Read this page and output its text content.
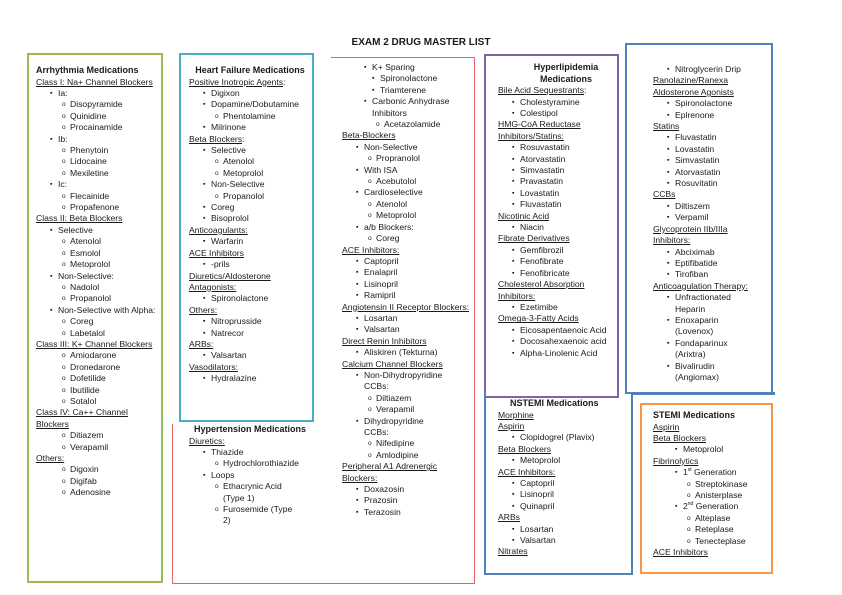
EXAM 2 DRUG MASTER LIST
Arrhythmia Medications
Class I: Na+ Channel Blockers
▪ Ia:
o Disopyramide
o Quinidine
o Procainamide
▪ Ib:
o Phenytoin
o Lidocaine
o Mexiletine
▪ Ic:
o Flecainide
o Propafenone
Class II: Beta Blockers
▪ Selective
o Atenolol
o Esmolol
o Metoprolol
▪ Non-Selective:
o Nadolol
o Propanolol
▪ Non-Selective with Alpha:
o Coreg
o Labetalol
Class III: K+ Channel Blockers
o Amiodarone
o Dronedarone
o Dofetilide
o Ibutilide
o Sotalol
Class IV: Ca++ Channel Blockers
o Ditiazem
o Verapamil
Others:
o Digoxin
o Digifab
o Adenosine
Heart Failure Medications
Positive Inotropic Agents:
▪ Digixon
▪ Dopamine/Dobutamine
o Phentolamine
▪ Milrinone
Beta Blockers:
▪ Selective
o Atenolol
o Metoprolol
▪ Non-Selective
o Propanolol
▪ Coreg
▪ Bisoprolol
Anticoagulants:
▪ Warfarin
ACE Inhibitors
▪ -prils
Diuretics/Aldosterone Antagonists:
▪ Spironolactone
Others:
▪ Nitroprusside
▪ Natrecor
ARBs:
▪ Valsartan
Vasodilators:
▪ Hydralazine
Hypertension Medications
Diuretics:
▪ Thiazide
o Hydrochlorothiazide
▪ Loops
o Ethacrynic Acid (Type 1)
o Furosemide (Type 2)
▪ K+ Sparing
▪ Spironolactone
▪ Triamterene
▪ Carbonic Anhydrase Inhibitors
o Acetazolamide
Beta-Blockers
▪ Non-Selective
o Propranolol
▪ With ISA
o Acebutolol
▪ Cardioselective
o Atenolol
o Metoprolol
▪ a/b Blockers:
o Coreg
ACE Inhibitors:
▪ Captopril
▪ Enalapril
▪ Lisinopril
▪ Ramipril
Angiotensin II Receptor Blockers:
▪ Losartan
▪ Valsartan
Direct Renin Inhibitors
▪ Aliskiren (Tekturna)
Calcium Channel Blockers
▪ Non-Dihydropyridine CCBs:
o Diltiazem
o Verapamil
▪ Dihydropyridine CCBs:
o Nifedipine
o Amlodipine
Peripheral A1 Adrenergic Blockers:
▪ Doxazosin
▪ Prazosin
▪ Terazosin
Hyperlipidemia Medications
Bile Acid Sequestrants:
▪ Cholestyramine
▪ Colestipol
HMG-CoA Reductase Inhibitors/Statins:
▪ Rosuvastatin
▪ Atorvastatin
▪ Simvastatin
▪ Pravastatin
▪ Lovastatin
▪ Fluvastatin
Nicotinic Acid
▪ Niacin
Fibrate Derivatives
▪ Gemfibrozil
▪ Fenofibrate
▪ Fenofibricate
Cholesterol Absorption Inhibitors:
▪ Ezetimibe
Omega-3-Fatty Acids
▪ Eicosapentaenoic Acid
▪ Docosahexaenoic acid
▪ Alpha-Linolenic Acid
NSTEMI Medications
Morphine
Aspirin
▪ Clopidogrel (Plavix)
Beta Blockers
▪ Metoprolol
ACE Inhibitors:
▪ Captopril
▪ Lisinopril
▪ Quinapril
ARBs
▪ Losartan
▪ Valsartan
Nitrates
▪ Nitroglycerin Drip
Ranolazine/Ranexa
Aldosterone Agonists
▪ Spironolactone
▪ Eplrenone
Statins
▪ Fluvastatin
▪ Lovastatin
▪ Simvastatin
▪ Atorvastatin
▪ Rosuvitatin
CCBs
▪ Diltiszem
▪ Verpamil
Glycoprotein IIb/IIIa Inhibitors:
▪ Abciximab
▪ Eptifibatide
▪ Tirofiban
Anticoagulation Therapy:
▪ Unfractionated Heparin
▪ Enoxaparin (Lovenox)
▪ Fondaparinux (Arixtra)
▪ Bivalirudin (Angiomax)
STEMI Medications
Aspirin
Beta Blockers
▪ Metoprolol
Fibrinolytics
▪ 1st Generation
o Streptokinase
o Anisterplase
▪ 2nd Generation
o Alteplase
o Reteplase
o Tenecteplase
ACE Inhibitors
